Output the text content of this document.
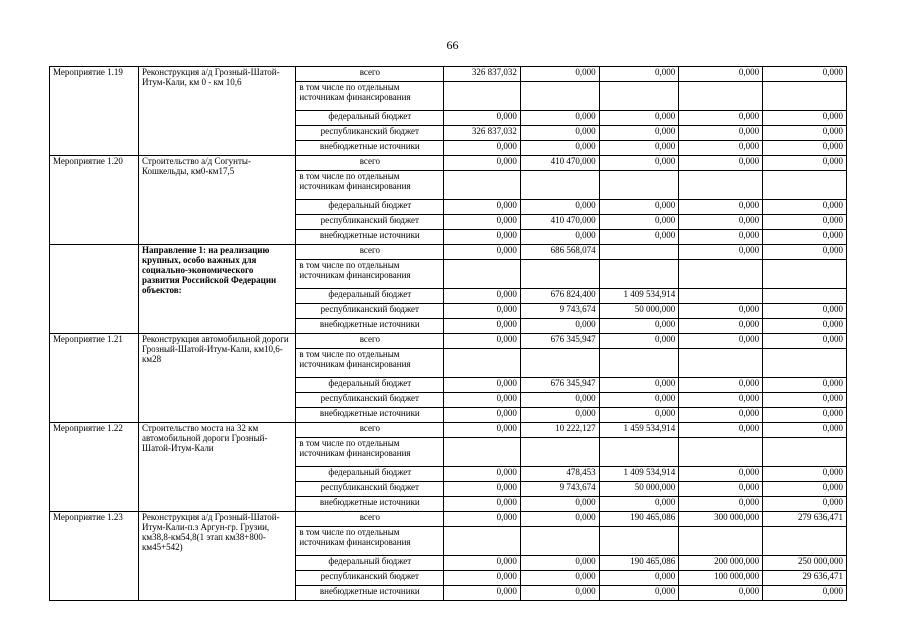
66
Мероприятие 1.19	Реконструкция а/д Грозный-Шатой-Итум-Кали, км 0 - км 10,6	всего	326 837,032	0,000	0,000	0,000	0,000
		в том числе по отдельным источникам финансирования					
		федеральный бюджет	0,000	0,000	0,000	0,000	0,000
		республиканский бюджет	326 837,032	0,000	0,000	0,000	0,000
		внебюджетные источники	0,000	0,000	0,000	0,000	0,000
Мероприятие 1.20	Строительство а/д Согунты-Кошкельды, км0-км17,5	всего	0,000	410 470,000	0,000	0,000	0,000
		в том числе по отдельным источникам финансирования					
		федеральный бюджет	0,000	0,000	0,000	0,000	0,000
		республиканский бюджет	0,000	410 470,000	0,000	0,000	0,000
		внебюджетные источники	0,000	0,000	0,000	0,000	0,000
	Направление 1: на реализацию крупных, особо важных для социально-экономического развития Российской Федерации объектов:	всего	0,000	686 568,074		0,000	0,000
		в том числе по отдельным источникам финансирования					
		федеральный бюджет	0,000	676 824,400	1 409 534,914		
		республиканский бюджет	0,000	9 743,674	50 000,000	0,000	0,000
		внебюджетные источники	0,000	0,000	0,000	0,000	0,000
Мероприятие 1.21	Реконструкция автомобильной дороги Грозный-Шатой-Итум-Кали, км10,6-км28	всего	0,000	676 345,947	0,000	0,000	0,000
		в том числе по отдельным источникам финансирования					
		федеральный бюджет	0,000	676 345,947	0,000	0,000	0,000
		республиканский бюджет	0,000	0,000	0,000	0,000	0,000
		внебюджетные источники	0,000	0,000	0,000	0,000	0,000
Мероприятие 1.22	Строительство моста на 32 км автомобильной дороги Грозный-Шатой-Итум-Кали	всего	0,000	10 222,127	1 459 534,914	0,000	0,000
		в том числе по отдельным источникам финансирования					
		федеральный бюджет	0,000	478,453	1 409 534,914	0,000	0,000
		республиканский бюджет	0,000	9 743,674	50 000,000	0,000	0,000
		внебюджетные источники	0,000	0,000	0,000	0,000	0,000
Мероприятие 1.23	Реконструкция а/д Грозный-Шатой-Итум-Кали-п.з Аргун-гр. Грузии, км38,8-км54,8(1 этап км38+800-км45+542)	всего	0,000	0,000	190 465,086	300 000,000	279 636,471
		в том числе по отдельным источникам финансирования					
		федеральный бюджет	0,000	0,000	190 465,086	200 000,000	250 000,000
		республиканский бюджет	0,000	0,000	0,000	100 000,000	29 636,471
		внебюджетные источники	0,000	0,000	0,000	0,000	0,000
